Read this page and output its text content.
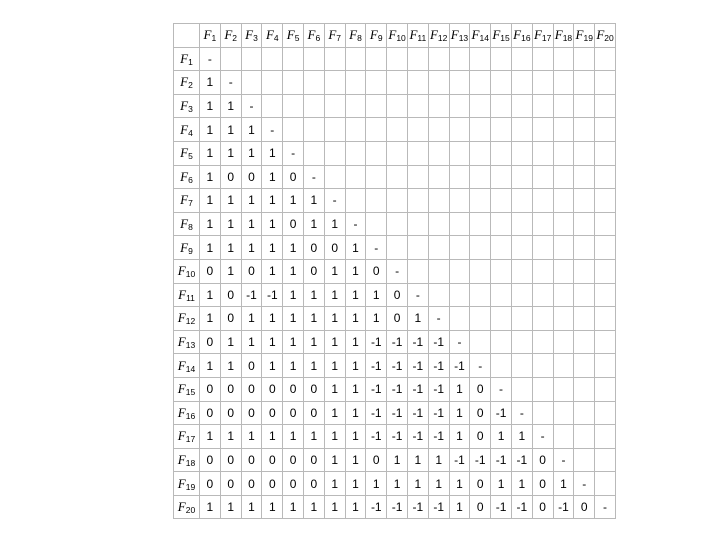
	$F_1$	$F_2$	$F_3$	$F_4$	$F_5$	$F_6$	$F_7$	$F_8$	$F_9$	$F_{10}$	$F_{11}$	$F_{12}$	$F_{13}$	$F_{14}$	$F_{15}$	$F_{16}$	$F_{17}$	$F_{18}$	$F_{19}$	$F_{20}$
$F_1$	-																			
$F_2$	1	-																		
$F_3$	1	1	-																	
$F_4$	1	1	1	-																
$F_5$	1	1	1	1	-															
$F_6$	1	0	0	1	0	-														
$F_7$	1	1	1	1	1	1	-													
$F_8$	1	1	1	1	0	1	1	-												
$F_9$	1	1	1	1	1	0	0	1	-											
$F_{10}$	0	1	0	1	1	0	1	1	0	-										
$F_{11}$	1	0	-1	-1	1	1	1	1	1	0	-									
$F_{12}$	1	0	1	1	1	1	1	1	1	0	1	-								
$F_{13}$	0	1	1	1	1	1	1	1	-1	-1	-1	-1	-							
$F_{14}$	1	1	0	1	1	1	1	1	-1	-1	-1	-1	-1	-						
$F_{15}$	0	0	0	0	0	0	1	1	-1	-1	-1	-1	1	0	-					
$F_{16}$	0	0	0	0	0	0	1	1	-1	-1	-1	-1	1	0	-1	-				
$F_{17}$	1	1	1	1	1	1	1	1	-1	-1	-1	-1	1	0	1	1	-			
$F_{18}$	0	0	0	0	0	0	1	1	0	1	1	1	-1	-1	-1	-1	0	-		
$F_{19}$	0	0	0	0	0	0	1	1	1	1	1	1	1	0	1	1	0	1	-	
$F_{20}$	1	1	1	1	1	1	1	1	-1	-1	-1	-1	1	0	-1	-1	0	-1	0	-
